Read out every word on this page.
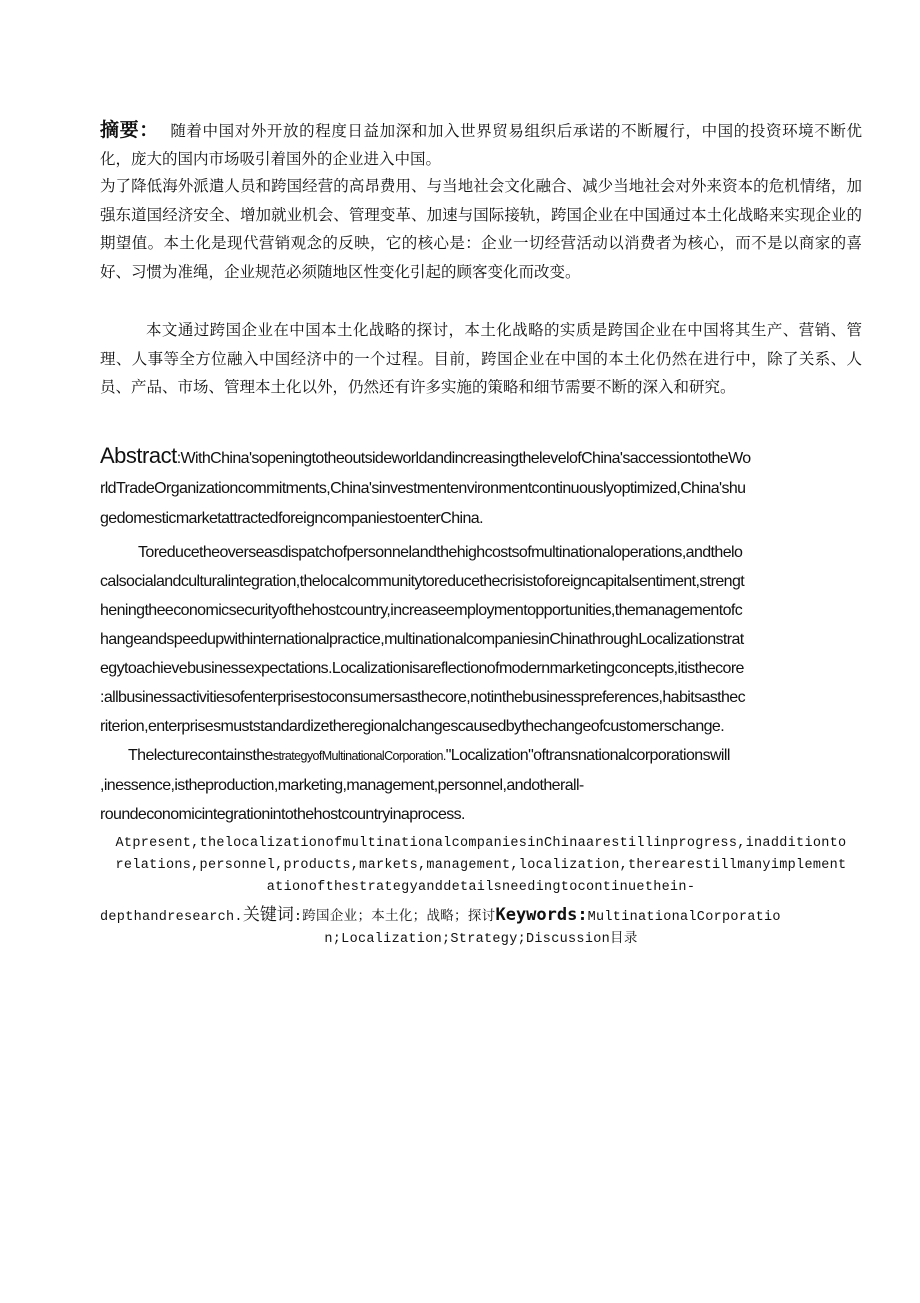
摘要： 随着中国对外开放的程度日益加深和加入世界贸易组织后承诺的不断履行，中国的投资环境不断优化，庞大的国内市场吸引着国外的企业进入中国。
为了降低海外派遣人员和跨国经营的高昂费用、与当地社会文化融合、减少当地社会对外来资本的危机情绪，加强东道国经济安全、增加就业机会、管理变革、加速与国际接轨，跨国企业在中国通过本土化战略来实现企业的期望值。本土化是现代营销观念的反映，它的核心是：企业一切经营活动以消费者为核心，而不是以商家的喜好、习惯为准绳，企业规范必须随地区性变化引起的顾客变化而改变。
本文通过跨国企业在中国本土化战略的探讨，本土化战略的实质是跨国企业在中国将其生产、营销、管理、人事等全方位融入中国经济中的一个过程。目前，跨国企业在中国的本土化仍然在进行中，除了关系、人员、产品、市场、管理本土化以外，仍然还有许多实施的策略和细节需要不断的深入和研究。
Abstract:WithChina'sopeningtotheoutsideworldandincreasingthelevelofChina'saccessiontotheWo
rldTradeOrganizationcommitments,China'sinvestmentenvironmentcontinuouslyoptimized,China'shu
gedomesticmarketattractedforeigncompaniestoenterChina.
Toreducetheoverseasdispatchofpersonnelandthehighcostsofmultinationaloperations,andthelo
calsocialandculturalintegration,thelocalcommunitytoreducethecrisistoforeigncapitalsentiment,strengt
heningtheeconomicsecurityofthehostcountry,increaseemploymentopportunities,themanagementofc
hangeandspeedupwithinternationalpractice,multinationalcompaniesinChinathroughLocalizationstrat
egytoachievebusinessexpectations.Localizationisareflectionofmodernmarketingconcepts,itisthecore
:allbusinessactivitiesofenterprisestoconsumersasthecore,notinthebusinesspreferences,habitsasthec
riterion,enterprisesmuststandardizetheregionalchangescausedbythechangeofcustomerschange.
ThelecturecontainsthestrategyofMultinationalCorporation."Localization"oftransnationalcorporationswill
,inessence,istheproduction,marketing,management,personnel,andotherall-
roundeconomicintegrationintothehostcountryinaprocess.
Atpresent,thelocalizationofmultinationalcompaniesinChinaarestillinprogress,inadditionto
relations,personnel,products,markets,management,localization,therearestillmanyimplement
ationofthestrategyanddetailsneedingtocontinuethein-
depthandresearch.关键词:跨国企业；本土化；战略；探讨Keywords:MultinationalCorporatio
n;Localization;Strategy;Discussion目录
